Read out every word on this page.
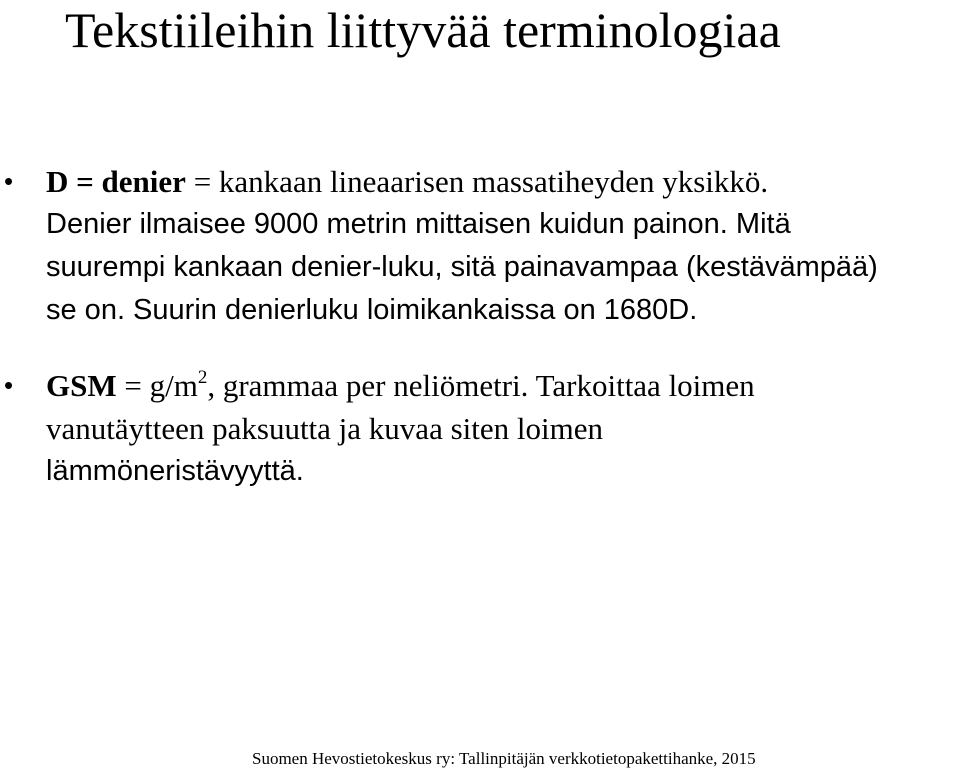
Tekstiileihin liittyvää terminologiaa
• D = denier = kankaan lineaarisen massatiheyden yksikkö.
Denier ilmaisee 9000 metrin mittaisen kuidun painon. Mitä
suurempi kankaan denier-luku, sitä painavampaa (kestävämpää)
se on. Suurin denierluku loimikankaissa on 1680D.
• GSM = $g/m^2$, grammaa per neliömetri. Tarkoittaa loimen
vanutäytteen paksuutta ja kuvaa siten loimen
lämmöneristävyyttä.
Suomen Hevostietokeskus ry: Tallinpitäjän verkkotietopakettihanke, 2015
